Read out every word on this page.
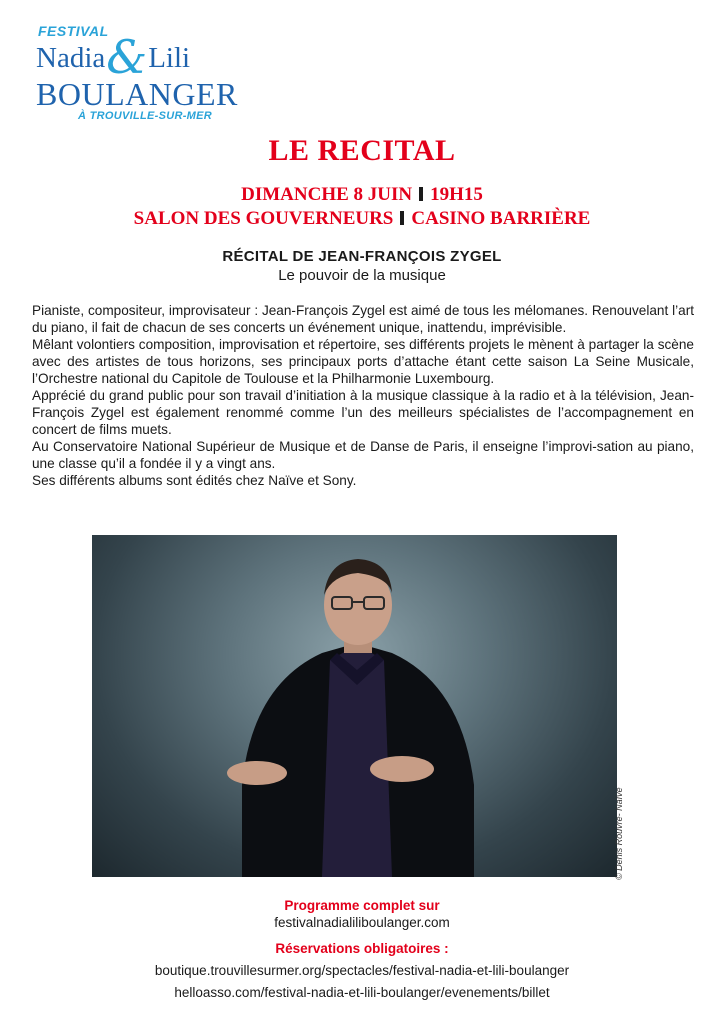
FESTIVAL
Nadia&Lili
BOULANGER
À TROUVILLE-SUR-MER
LE RECITAL
DIMANCHE 8 JUIN 19H15
SALON DES GOUVERNEURS CASINO BARRIÈRE
RÉCITAL DE JEAN-FRANÇOIS ZYGEL
Le pouvoir de la musique

Pianiste, compositeur, improvisateur : Jean-François Zygel est aimé de tous les mélomanes. Renouvelant l’art du piano, il fait de chacun de ses concerts un événement unique, inattendu, imprévisible.

Mêlant volontiers composition, improvisation et répertoire, ses différents projets le mènent à partager la scène avec des artistes de tous horizons, ses principaux ports d’attache étant cette saison La Seine Musicale, l’Orchestre national du Capitole de Toulouse et la Philharmonie Luxembourg.

Apprécié du grand public pour son travail d’initiation à la musique classique à la radio et à la télévision, Jean-François Zygel est également renommé comme l’un des meilleurs spécialistes de l’accompagnement en concert de films muets.

Au Conservatoire National Supérieur de Musique et de Danse de Paris, il enseigne l’improvi-sation au piano, une classe qu’il a fondée il y a vingt ans.

Ses différents albums sont édités chez Naïve et Sony.

© Denis Rouvre- Naïve
Programme complet sur
festivalnadialiliboulanger.com
Réservations obligatoires :
boutique.trouvillesurmer.org/spectacles/festival-nadia-et-lili-boulanger
helloasso.com/festival-nadia-et-lili-boulanger/evenements/billet
